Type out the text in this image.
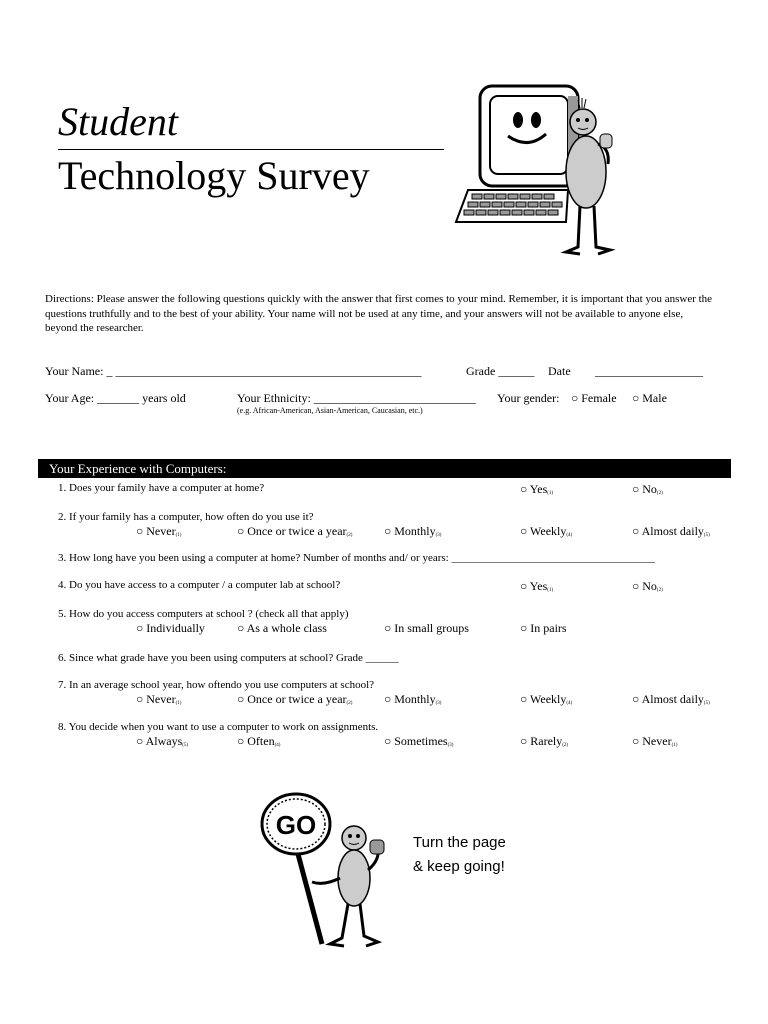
Student
Technology Survey
Directions: Please answer the following questions quickly with the answer that first comes to your mind. Remember, it is important that you answer the questions truthfully and to the best of your ability. Your name will not be used at any time, and your answers will not be available to anyone else, beyond the researcher.
Your Name: _ ___________________________________________________	Grade ______ Date __________________
Your Age: _______ years old	Your Ethnicity: ___________________________
(e.g. African-American, Asian-American, Caucasian, etc.)
Your gender: ○ Female ○ Male
Your Experience with Computers:
1. Does your family have a computer at home?	○ Yes$_{(1)}$	○ $No_{(2)}$
2. If your family has a computer, how often do you use it?
○ Never$_{(1)}$	○ Once or twice a year$_{(2)}$	○ Monthly$_{(3)}$	○ Weekly$_{(4)}$	○ Almost daily$_{(5)}$
3. How long have you been using a computer at home? Number of months and/ or years: _____________________________________
4. Do you have access to a computer / a computer lab at school?	○ Yes$_{(1)}$	○ $No_{(2)}$
5. How do you access computers at school ? (check all that apply)
○ Individually	○ As a whole class	○ In small groups	○ In pairs
6. Since what grade have you been using computers at school? Grade ______
7. In an average school year, how oftendo you use computers at school?
○ Never$_{(1)}$	○ Once or twice a year$_{(2)}$	○ Monthly$_{(3)}$	○ Weekly$_{(4)}$	○ Almost daily$_{(5)}$
8. You decide when you want to use a computer to work on assignments.
○ Always$_{(5)}$	○ Often$_{(4)}$	○ Sometimes$_{(3)}$	○ Rarely$_{(2)}$	○ Never$_{(1)}$
GO
Turn the page
& keep going!
